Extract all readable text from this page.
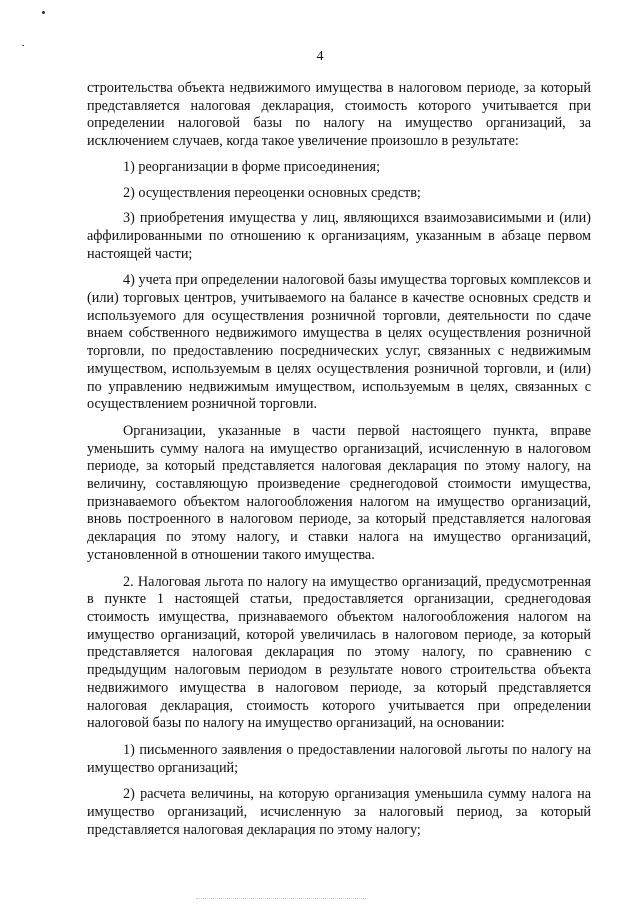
4

строительства объекта недвижимого имущества в налоговом периоде, за который представляется налоговая декларация, стоимость которого учитывается при определении налоговой базы по налогу на имущество организаций, за исключением случаев, когда такое увеличение произошло в результате:

1) реорганизации в форме присоединения;

2) осуществления переоценки основных средств;

3) приобретения имущества у лиц, являющихся взаимозависимыми и (или) аффилированными по отношению к организациям, указанным в абзаце первом настоящей части;

4) учета при определении налоговой базы имущества торговых комплексов и (или) торговых центров, учитываемого на балансе в качестве основных средств и используемого для осуществления розничной торговли, деятельности по сдаче внаем собственного недвижимого имущества в целях осуществления розничной торговли, по предоставлению посреднических услуг, связанных с недвижимым имуществом, используемым в целях осуществления розничной торговли, и (или) по управлению недвижимым имуществом, используемым в целях, связанных с осуществлением розничной торговли.

Организации, указанные в части первой настоящего пункта, вправе уменьшить сумму налога на имущество организаций, исчисленную в налоговом периоде, за который представляется налоговая декларация по этому налогу, на величину, составляющую произведение среднегодовой стоимости имущества, признаваемого объектом налогообложения налогом на имущество организаций, вновь построенного в налоговом периоде, за который представляется налоговая декларация по этому налогу, и ставки налога на имущество организаций, установленной в отношении такого имущества.

2. Налоговая льгота по налогу на имущество организаций, предусмотренная в пункте 1 настоящей статьи, предоставляется организации, среднегодовая стоимость имущества, признаваемого объектом налогообложения налогом на имущество организаций, которой увеличилась в налоговом периоде, за который представляется налоговая декларация по этому налогу, по сравнению с предыдущим налоговым периодом в результате нового строительства объекта недвижимого имущества в налоговом периоде, за который представляется налоговая декларация, стоимость которого учитывается при определении налоговой базы по налогу на имущество организаций, на основании:

1) письменного заявления о предоставлении налоговой льготы по налогу на имущество организаций;

2) расчета величины, на которую организация уменьшила сумму налога на имущество организаций, исчисленную за налоговый период, за который представляется налоговая декларация по этому налогу;
